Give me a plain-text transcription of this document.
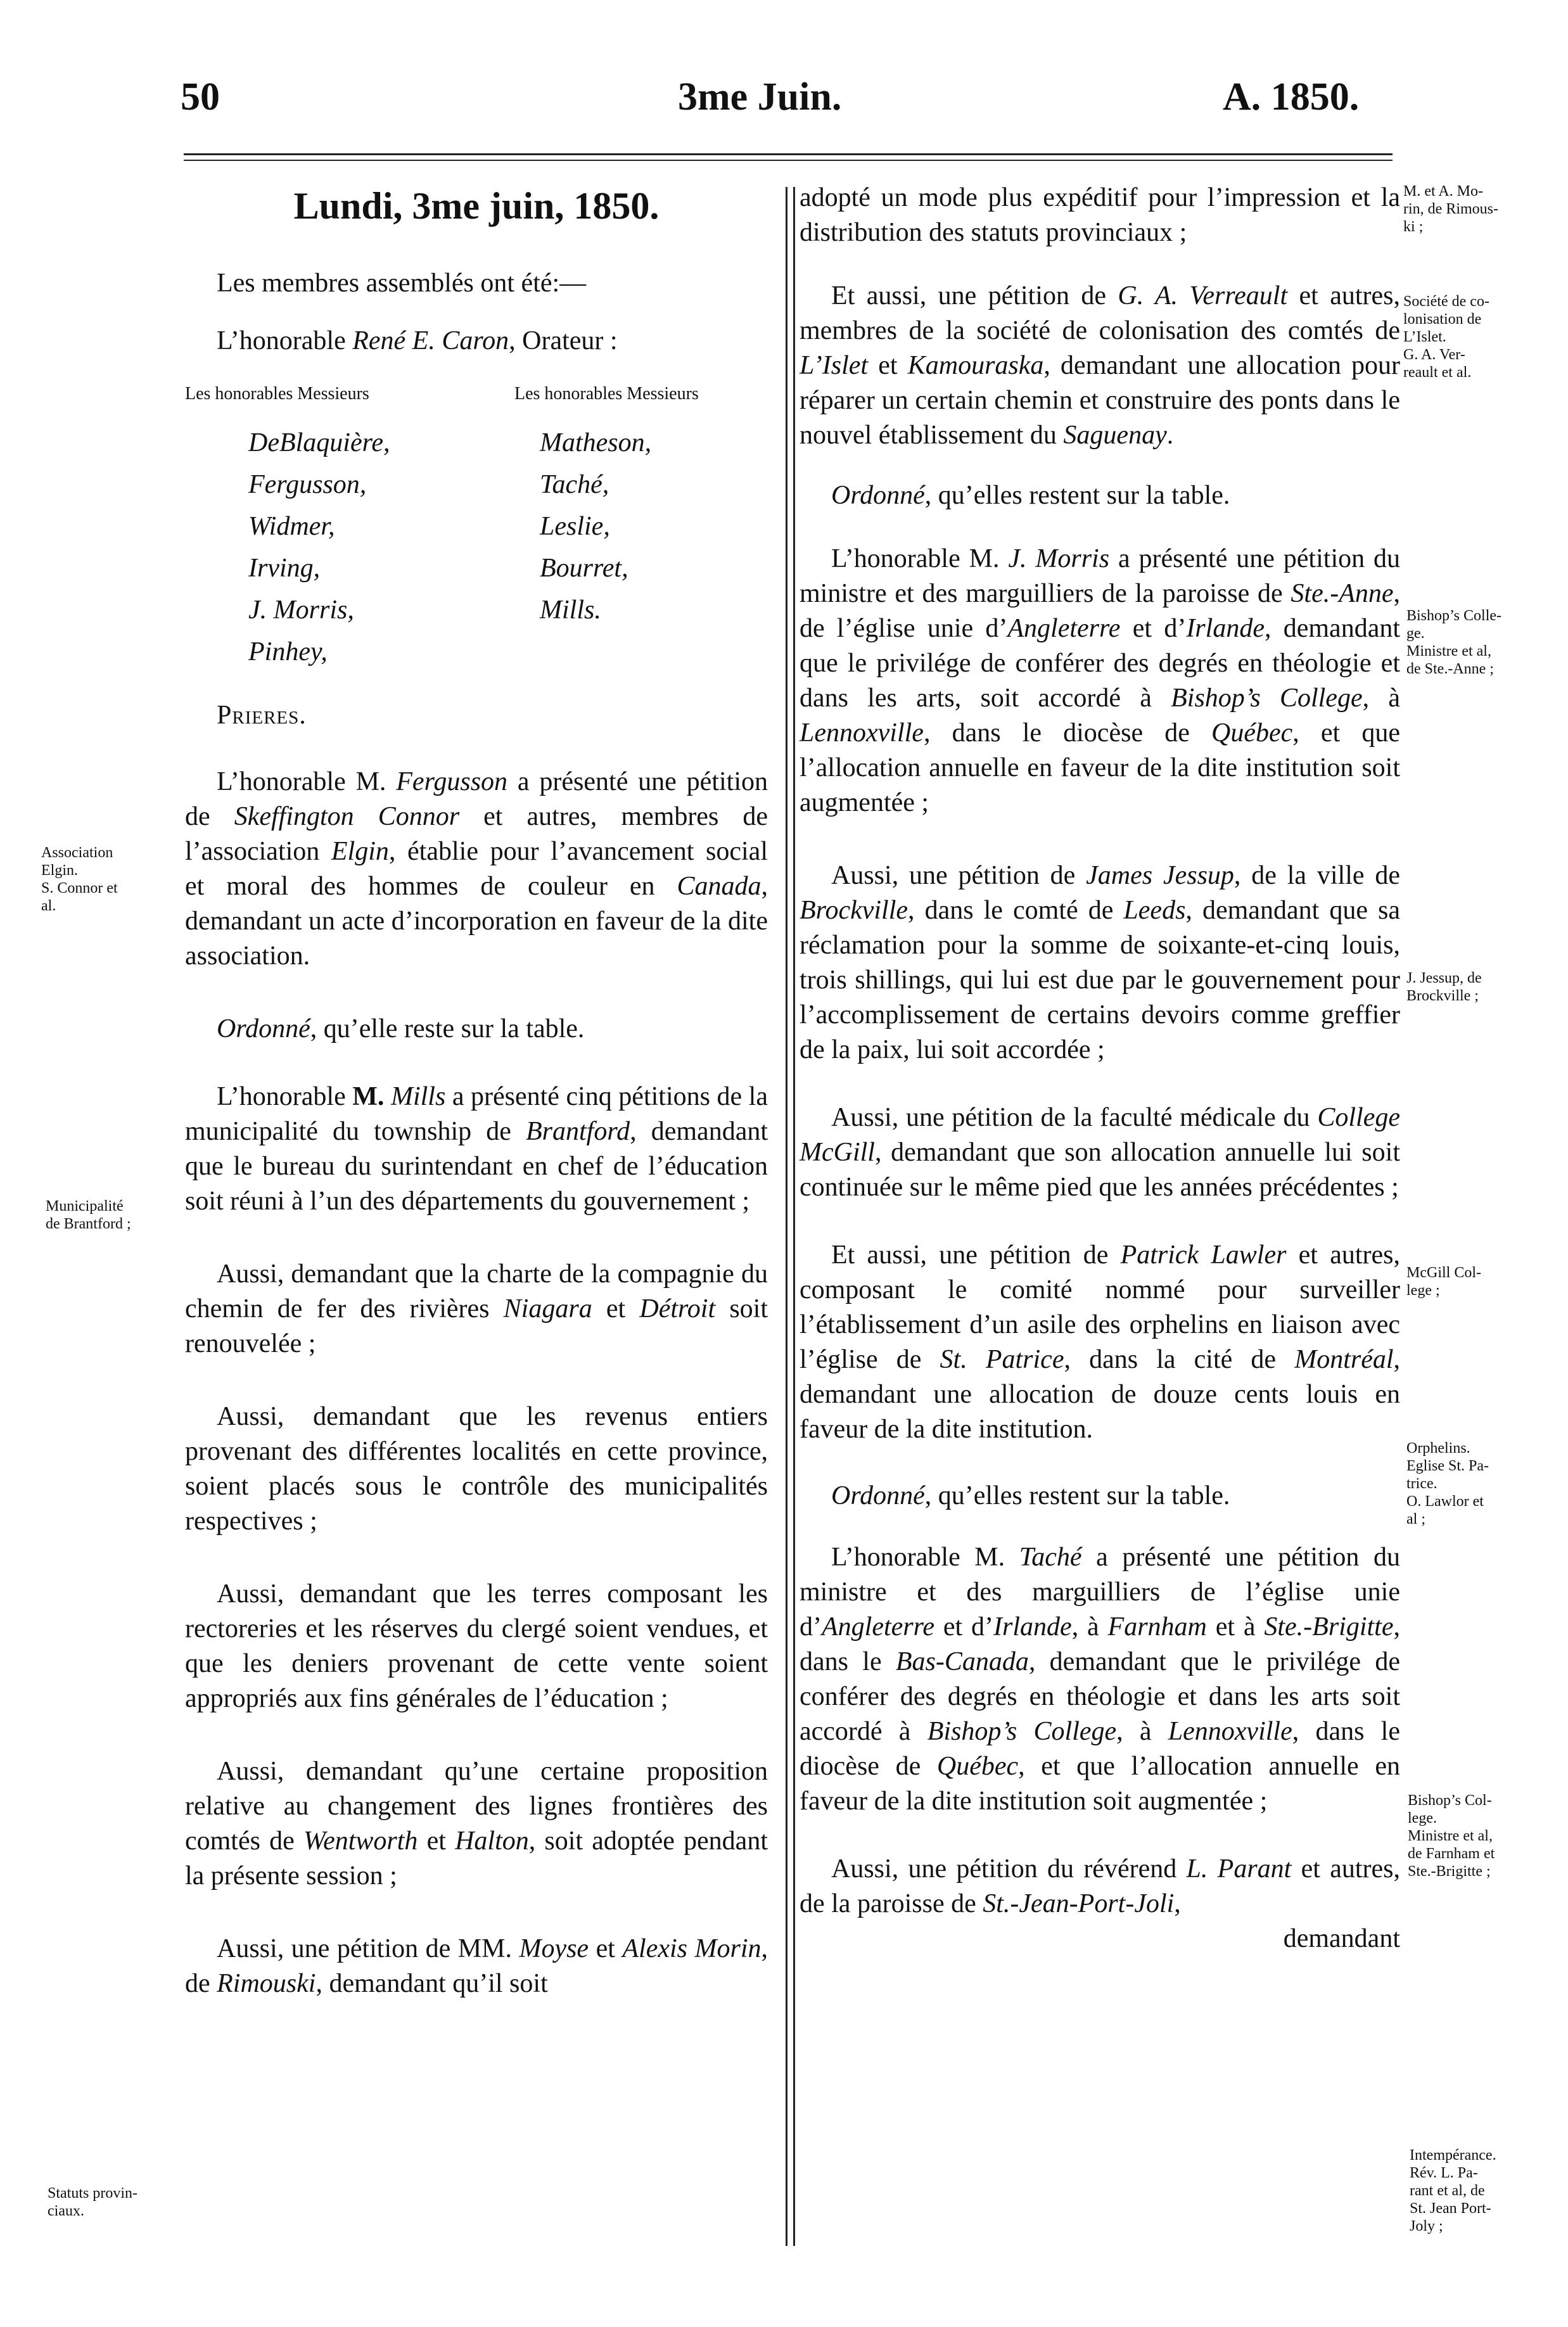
50	3me Juin.	A. 1850.
Lundi, 3me juin, 1850.
Les membres assemblés ont été:—
L’honorable René E. Caron, Orateur :
Les honorables Messieurs
DeBlaquière,
Fergusson,
Widmer,
Irving,
J. Morris,
Pinhey,
Les honorables Messieurs
Matheson,
Taché,
Leslie,
Bourret,
Mills.
Prieres.

L’honorable M. Fergusson a présenté une pétition de Skeffington Connor et autres, membres de l’association Elgin, établie pour l’avancement social et moral des hommes de couleur en Canada, demandant un acte d’incorporation en faveur de la dite association.

Ordonné, qu’elle reste sur la table.

L’honorable M. Mills a présenté cinq pétitions de la municipalité du township de Brantford, demandant que le bureau du surintendant en chef de l’éducation soit réuni à l’un des départements du gouvernement ;

Aussi, demandant que la charte de la compagnie du chemin de fer des rivières Niagara et Détroit soit renouvelée ;

Aussi, demandant que les revenus entiers provenant des différentes localités en cette province, soient placés sous le contrôle des municipalités respectives ;

Aussi, demandant que les terres composant les rectoreries et les réserves du clergé soient vendues, et que les deniers provenant de cette vente soient appropriés aux fins générales de l’éducation ;

Aussi, demandant qu’une certaine proposition relative au changement des lignes frontières des comtés de Wentworth et Halton, soit adoptée pendant la présente session ;

Aussi, une pétition de MM. Moyse et Alexis Morin, de Rimouski, demandant qu’il soit

adopté un mode plus expéditif pour l’impression et la distribution des statuts provinciaux ;

Et aussi, une pétition de G. A. Verreault et autres, membres de la société de colonisation des comtés de L’Islet et Kamouraska, demandant une allocation pour réparer un certain chemin et construire des ponts dans le nouvel établissement du Saguenay.

Ordonné, qu’elles restent sur la table.

L’honorable M. J. Morris a présenté une pétition du ministre et des marguilliers de la paroisse de Ste.-Anne, de l’église unie d’Angleterre et d’Irlande, demandant que le privilége de conférer des degrés en théologie et dans les arts, soit accordé à Bishop’s College, à Lennoxville, dans le diocèse de Québec, et que l’allocation annuelle en faveur de la dite institution soit augmentée ;

Aussi, une pétition de James Jessup, de la ville de Brockville, dans le comté de Leeds, demandant que sa réclamation pour la somme de soixante-et-cinq louis, trois shillings, qui lui est due par le gouvernement pour l’accomplissement de certains devoirs comme greffier de la paix, lui soit accordée ;

Aussi, une pétition de la faculté médicale du College McGill, demandant que son allocation annuelle lui soit continuée sur le même pied que les années précédentes ;

Et aussi, une pétition de Patrick Lawler et autres, composant le comité nommé pour surveiller l’établissement d’un asile des orphelins en liaison avec l’église de St. Patrice, dans la cité de Montréal, demandant une allocation de douze cents louis en faveur de la dite institution.

Ordonné, qu’elles restent sur la table.

L’honorable M. Taché a présenté une pétition du ministre et des marguilliers de l’église unie d’Angleterre et d’Irlande, à Farnham et à Ste.-Brigitte, dans le Bas-Canada, demandant que le privilége de conférer des degrés en théologie et dans les arts soit accordé à Bishop’s College, à Lennoxville, dans le diocèse de Québec, et que l’allocation annuelle en faveur de la dite institution soit augmentée ;

Aussi, une pétition du révérend L. Parant et autres, de la paroisse de St.-Jean-Port-Joli,

demandant

Association
Elgin.
S. Connor et
al.
Municipalité
de Brantford ;
Statuts provin-
ciaux.
M. et A. Mo-
rin, de Rimous-
ki ;
Société de co-
lonisation de
L’Islet.
G. A. Ver-
reault et al.
Bishop’s Colle-
ge.
Ministre et al,
de Ste.-Anne ;
J. Jessup, de
Brockville ;
McGill Col-
lege ;
Orphelins.
Eglise St. Pa-
trice.
O. Lawlor et
al ;
Bishop’s Col-
lege.
Ministre et al,
de Farnham et
Ste.-Brigitte ;
Intempérance.
Rév. L. Pa-
rant et al, de
St. Jean Port-
Joly ;
